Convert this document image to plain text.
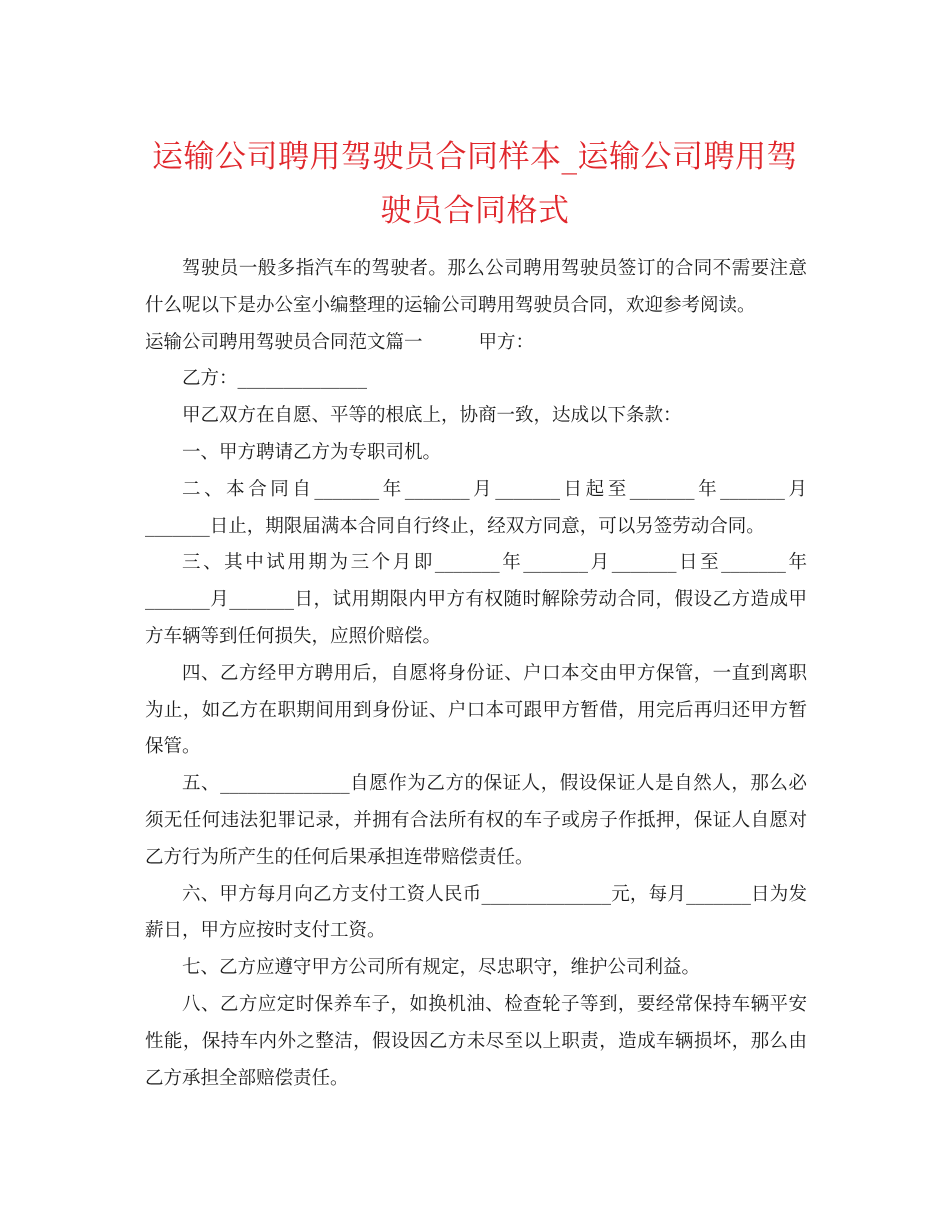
运输公司聘用驾驶员合同样本_运输公司聘用驾驶员合同格式

驾驶员一般多指汽车的驾驶者。那么公司聘用驾驶员签订的合同不需要注意什么呢以下是办公室小编整理的运输公司聘用驾驶员合同，欢迎参考阅读。

运输公司聘用驾驶员合同范文篇一	甲方：

乙方：______________

甲乙双方在自愿、平等的根底上，协商一致，达成以下条款：

一、甲方聘请乙方为专职司机。

二、本合同自_______年_______月_______日起至_______年_______月_______日止，期限届满本合同自行终止，经双方同意，可以另签劳动合同。

三、其中试用期为三个月即_______年_______月_______日至_______年_______月_______日，试用期限内甲方有权随时解除劳动合同，假设乙方造成甲方车辆等到任何损失，应照价赔偿。

四、乙方经甲方聘用后，自愿将身份证、户口本交由甲方保管，一直到离职为止，如乙方在职期间用到身份证、户口本可跟甲方暂借，用完后再归还甲方暂保管。

五、______________自愿作为乙方的保证人，假设保证人是自然人，那么必须无任何违法犯罪记录，并拥有合法所有权的车子或房子作抵押，保证人自愿对乙方行为所产生的任何后果承担连带赔偿责任。

六、甲方每月向乙方支付工资人民币______________元，每月_______日为发薪日，甲方应按时支付工资。

七、乙方应遵守甲方公司所有规定，尽忠职守，维护公司利益。

八、乙方应定时保养车子，如换机油、检查轮子等到，要经常保持车辆平安性能，保持车内外之整洁，假设因乙方未尽至以上职责，造成车辆损坏，那么由乙方承担全部赔偿责任。
